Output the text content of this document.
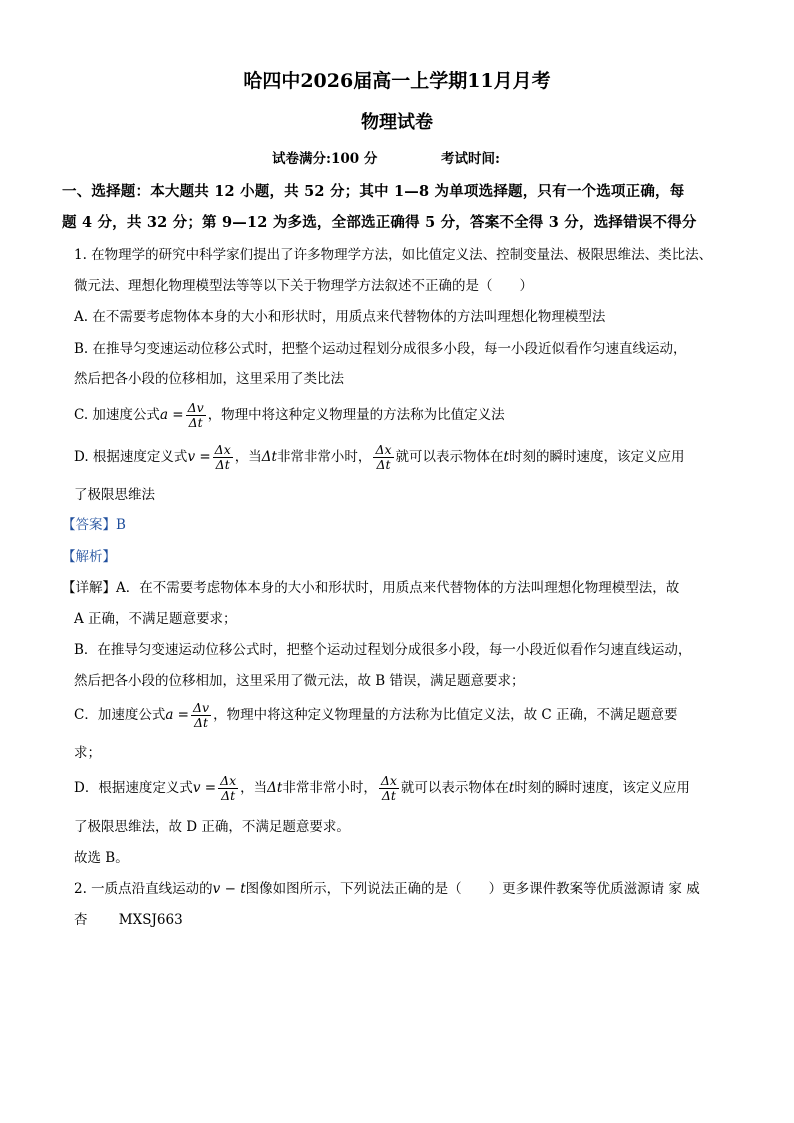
哈四中2026届高一上学期11月月考
物理试卷
试卷满分:100 分	考试时间:
一、选择题：本大题共 12 小题，共 52 分；其中 1—8 为单项选择题，只有一个选项正确，每
题 4 分，共 32 分；第 9—12 为多选，全部选正确得 5 分，答案不全得 3 分，选择错误不得分
1. 在物理学的研究中科学家们提出了许多物理学方法，如比值定义法、控制变量法、极限思维法、类比法、
微元法、理想化物理模型法等等以下关于物理学方法叙述不正确的是（　　）
A. 在不需要考虑物体本身的大小和形状时，用质点来代替物体的方法叫理想化物理模型法
B. 在推导匀变速运动位移公式时，把整个运动过程划分成很多小段，每一小段近似看作匀速直线运动，
然后把各小段的位移相加，这里采用了类比法
C. 加速度公式$a = \frac{\Delta v}{\Delta t}$ ，物理中将这种定义物理量的方法称为比值定义法
D. 根据速度定义式$v = \frac{\Delta x}{\Delta t}$ ，当Δt非常非常小时， $\frac{\Delta x}{\Delta t}$ 就可以表示物体在t时刻的瞬时速度，该定义应用
了极限思维法
【答案】B
【解析】
【详解】A．在不需要考虑物体本身的大小和形状时，用质点来代替物体的方法叫理想化物理模型法，故
A 正确，不满足题意要求；
B．在推导匀变速运动位移公式时，把整个运动过程划分成很多小段，每一小段近似看作匀速直线运动，
然后把各小段的位移相加，这里采用了微元法，故 B 错误，满足题意要求；
C．加速度公式$a = \frac{\Delta v}{\Delta t}$ ，物理中将这种定义物理量的方法称为比值定义法，故 C 正确，不满足题意要
求；
D．根据速度定义式$v = \frac{\Delta x}{\Delta t}$ ，当Δt非常非常小时， $\frac{\Delta x}{\Delta t}$ 就可以表示物体在t时刻的瞬时速度，该定义应用
了极限思维法，故 D 正确，不满足题意要求。
故选 B。
2. 一质点沿直线运动的v − t图像如图所示，下列说法正确的是（　　）更多课件教案等优质滋源请 家 威
杏　　 MXSJ663
